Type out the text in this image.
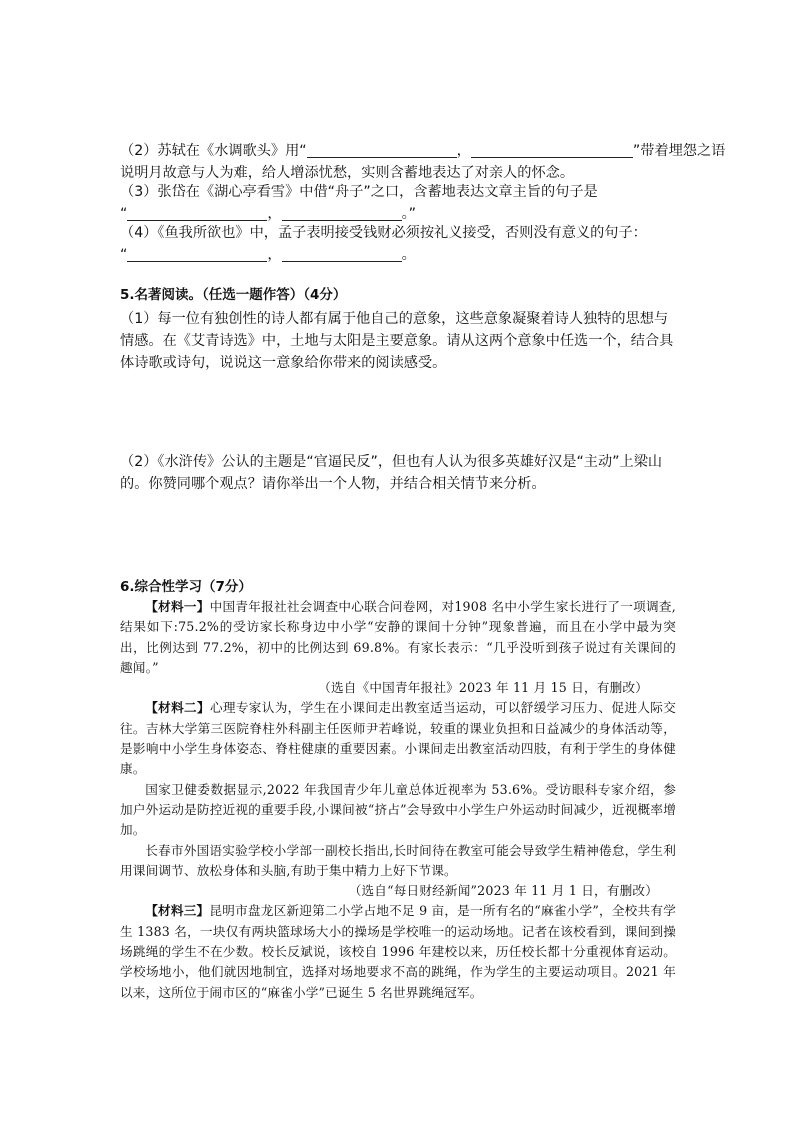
（2）苏轼在《水调歌头》用“	，	”带着埋怨之语
说明月故意与人为难，给人增添忧愁，实则含蓄地表达了对亲人的怀念。
（3）张岱在《湖心亭看雪》中借“舟子”之口，含蓄地表达文章主旨的句子是
“	，	。”
（4）《鱼我所欲也》中，孟子表明接受钱财必须按礼义接受，否则没有意义的句子：
“	，	。
5.名著阅读。（任选一题作答）（4分）
（1）每一位有独创性的诗人都有属于他自己的意象，这些意象凝聚着诗人独特的思想与情感。在《艾青诗选》中，土地与太阳是主要意象。请从这两个意象中任选一个，结合具体诗歌或诗句，说说这一意象给你带来的阅读感受。
（2）《水浒传》公认的主题是“官逼民反”，但也有人认为很多英雄好汉是“主动”上梁山的。你赞同哪个观点？请你举出一个人物，并结合相关情节来分析。
6.综合性学习（7分）

【材料一】中国青年报社社会调查中心联合问卷网，对1908 名中小学生家长进行了一项调查,结果如下:75.2%的受访家长称身边中小学“安静的课间十分钟”现象普遍，而且在小学中最为突出，比例达到 77.2%，初中的比例达到 69.8%。有家长表示：“几乎没听到孩子说过有关课间的趣闻。”

（选自《中国青年报社》2023 年 11 月 15 日，有删改）

【材料二】心理专家认为，学生在小课间走出教室适当运动，可以舒缓学习压力、促进人际交往。吉林大学第三医院脊柱外科副主任医师尹若峰说，较重的课业负担和日益减少的身体活动等，是影响中小学生身体姿态、脊柱健康的重要因素。小课间走出教室活动四肢，有利于学生的身体健康。

国家卫健委数据显示,2022 年我国青少年儿童总体近视率为 53.6%。受访眼科专家介绍，参加户外运动是防控近视的重要手段,小课间被“挤占”会导致中小学生户外运动时间减少，近视概率增加。

长春市外国语实验学校小学部一副校长指出,长时间待在教室可能会导致学生精神倦怠，学生利用课间调节、放松身体和头脑,有助于集中精力上好下节课。

（选自“每日财经新闻”2023 年 11 月 1 日，有删改）

【材料三】昆明市盘龙区新迎第二小学占地不足 9 亩，是一所有名的“麻雀小学”，全校共有学生 1383 名，一块仅有两块篮球场大小的操场是学校唯一的运动场地。记者在该校看到，课间到操场跳绳的学生不在少数。校长反斌说，该校自 1996 年建校以来，历任校长都十分重视体育运动。学校场地小，他们就因地制宜，选择对场地要求不高的跳绳，作为学生的主要运动项目。2021 年以来，这所位于闹市区的“麻雀小学”已诞生 5 名世界跳绳冠军。
